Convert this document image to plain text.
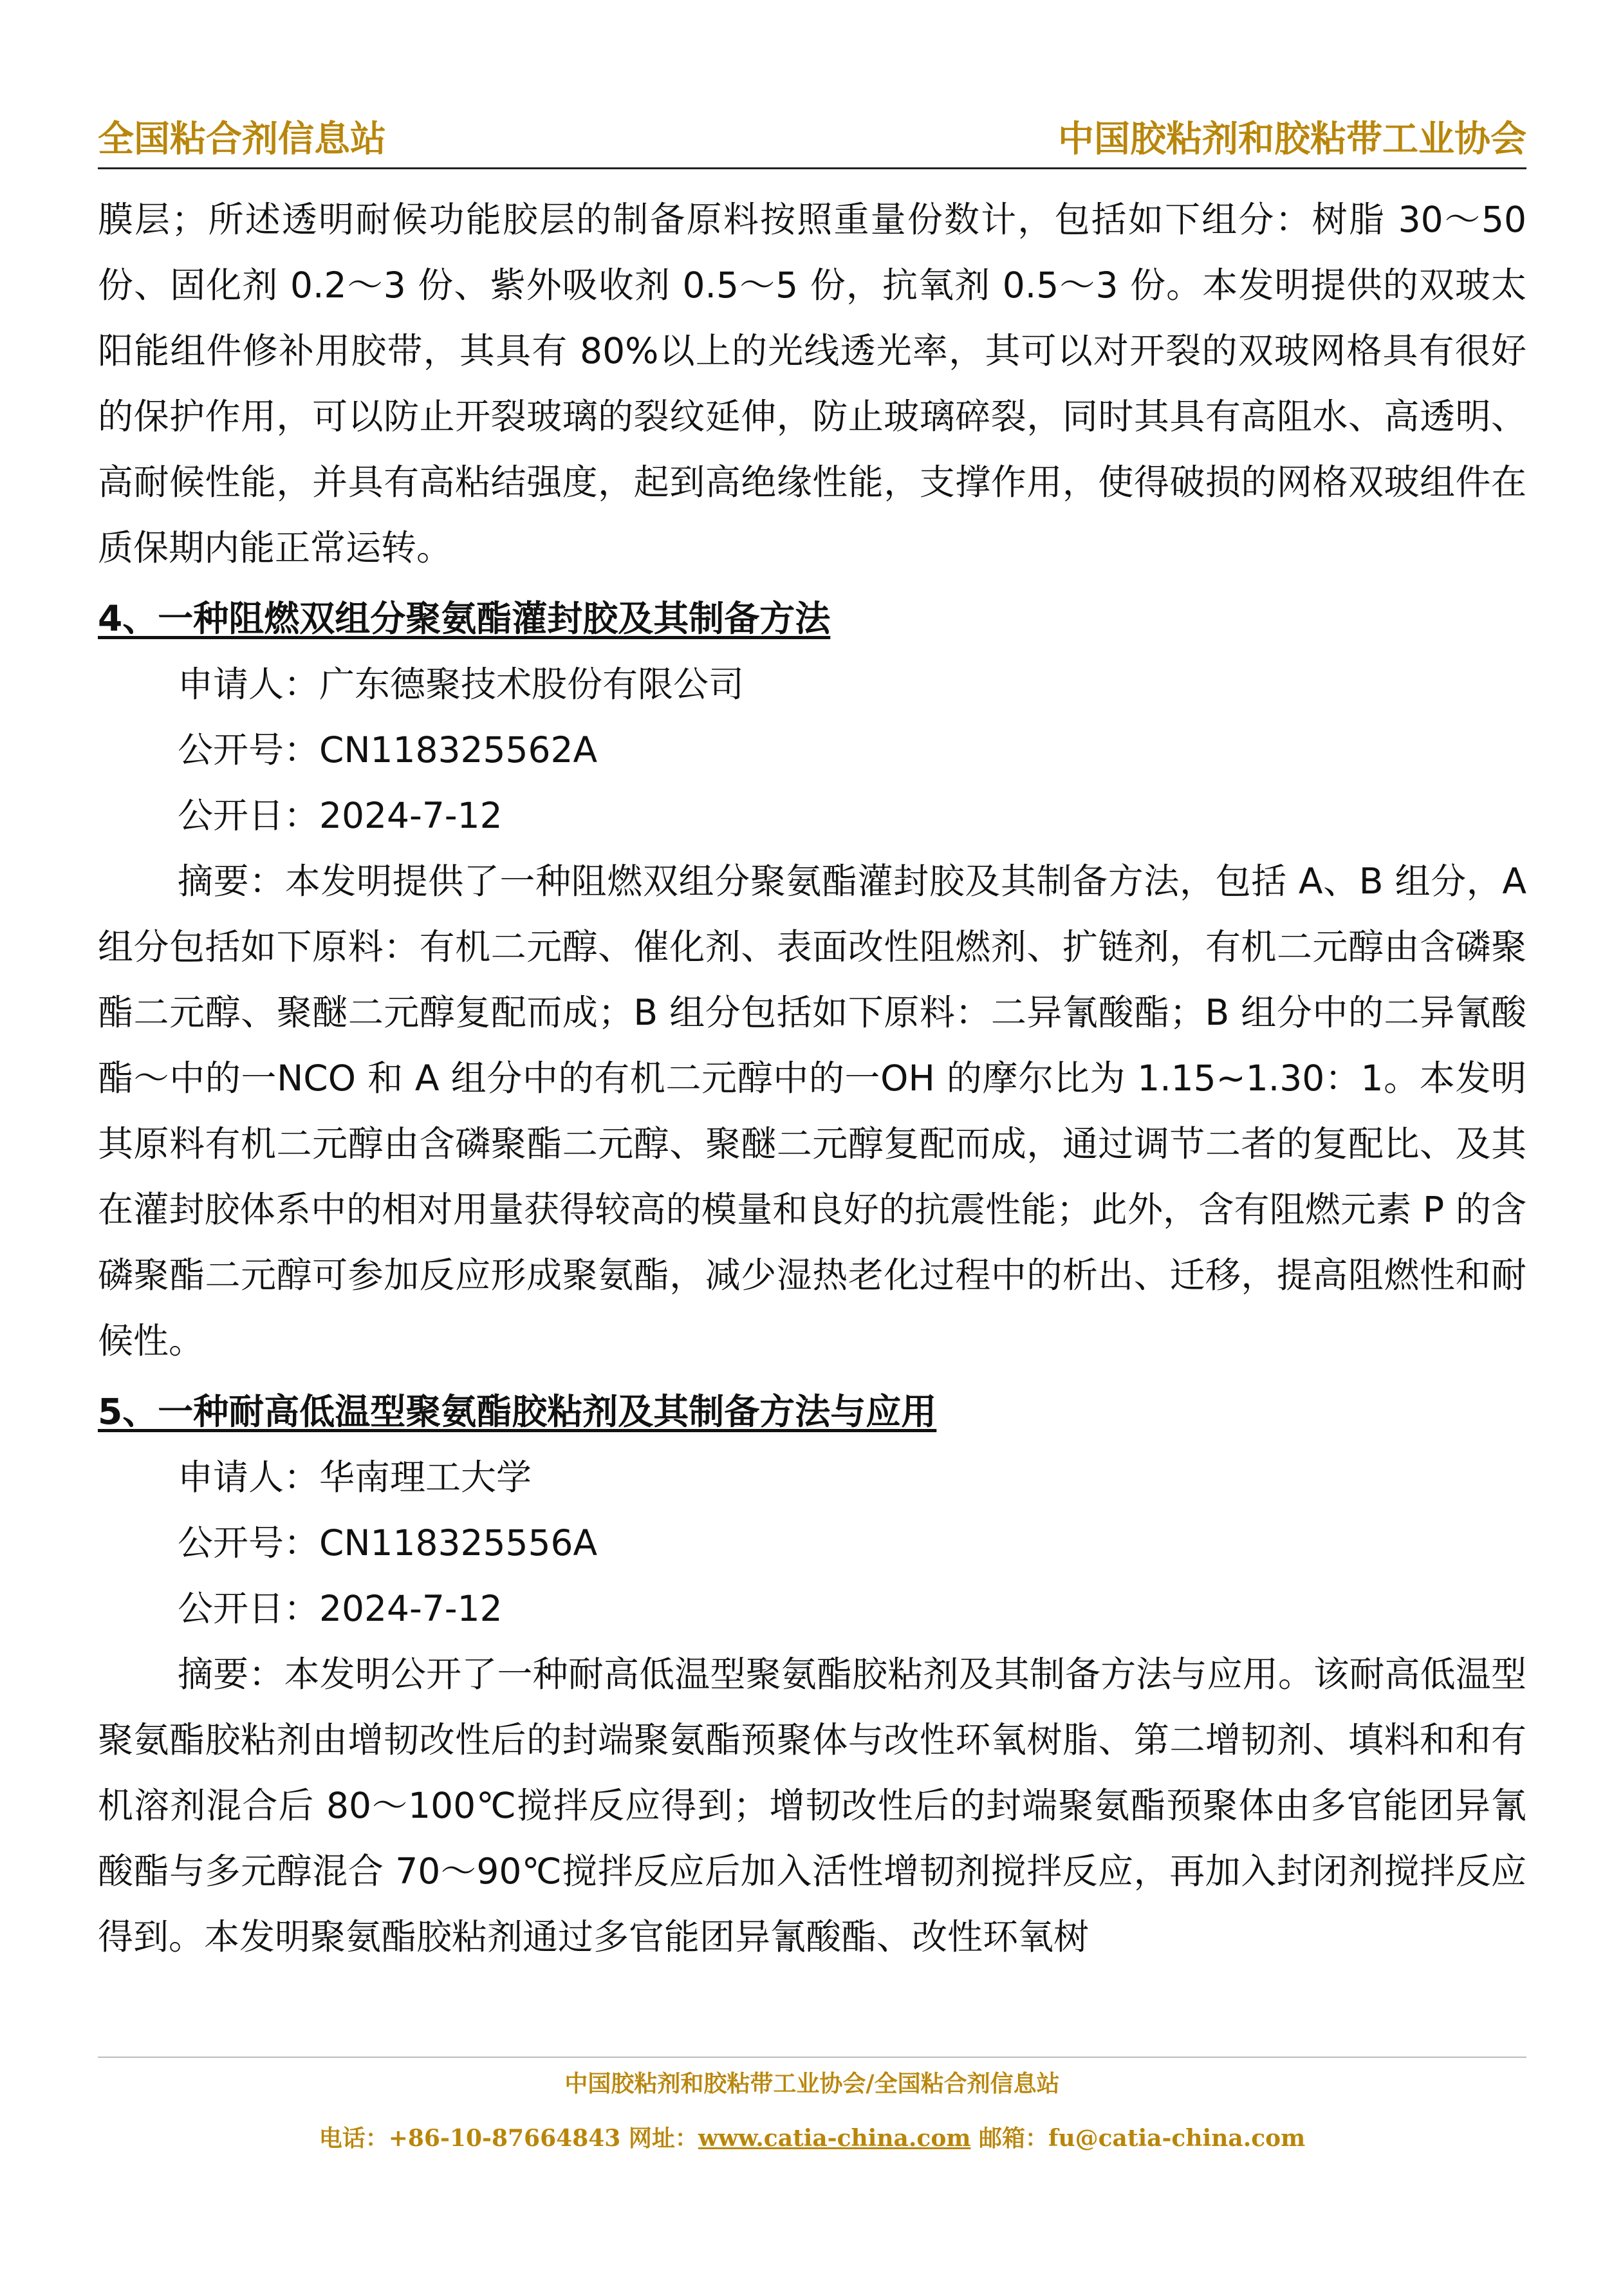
全国粘合剂信息站	中国胶粘剂和胶粘带工业协会

膜层；所述透明耐候功能胶层的制备原料按照重量份数计，包括如下组分：树脂 30～50 份、固化剂 0.2～3 份、紫外吸收剂 0.5～5 份，抗氧剂 0.5～3 份。本发明提供的双玻太阳能组件修补用胶带，其具有 80%以上的光线透光率，其可以对开裂的双玻网格具有很好的保护作用，可以防止开裂玻璃的裂纹延伸，防止玻璃碎裂，同时其具有高阻水、高透明、高耐候性能，并具有高粘结强度，起到高绝缘性能，支撑作用，使得破损的网格双玻组件在质保期内能正常运转。

4、一种阻燃双组分聚氨酯灌封胶及其制备方法

申请人：广东德聚技术股份有限公司

公开号：CN118325562A

公开日：2024-7-12

摘要：本发明提供了一种阻燃双组分聚氨酯灌封胶及其制备方法，包括 A、B 组分，A 组分包括如下原料：有机二元醇、催化剂、表面改性阻燃剂、扩链剂，有机二元醇由含磷聚酯二元醇、聚醚二元醇复配而成；B 组分包括如下原料：二异氰酸酯；B 组分中的二异氰酸酯～中的一NCO 和 A 组分中的有机二元醇中的一OH 的摩尔比为 1.15~1.30：1。本发明其原料有机二元醇由含磷聚酯二元醇、聚醚二元醇复配而成，通过调节二者的复配比、及其在灌封胶体系中的相对用量获得较高的模量和良好的抗震性能；此外，含有阻燃元素 P 的含磷聚酯二元醇可参加反应形成聚氨酯，减少湿热老化过程中的析出、迁移，提高阻燃性和耐候性。

5、一种耐高低温型聚氨酯胶粘剂及其制备方法与应用

申请人：华南理工大学

公开号：CN118325556A

公开日：2024-7-12

摘要：本发明公开了一种耐高低温型聚氨酯胶粘剂及其制备方法与应用。该耐高低温型聚氨酯胶粘剂由增韧改性后的封端聚氨酯预聚体与改性环氧树脂、第二增韧剂、填料和和有机溶剂混合后 80～100℃搅拌反应得到；增韧改性后的封端聚氨酯预聚体由多官能团异氰酸酯与多元醇混合 70～90℃搅拌反应后加入活性增韧剂搅拌反应，再加入封闭剂搅拌反应得到。本发明聚氨酯胶粘剂通过多官能团异氰酸酯、改性环氧树

中国胶粘剂和胶粘带工业协会/全国粘合剂信息站
电话：+86-10-87664843 网址：www.catia-china.com 邮箱：fu@catia-china.com
